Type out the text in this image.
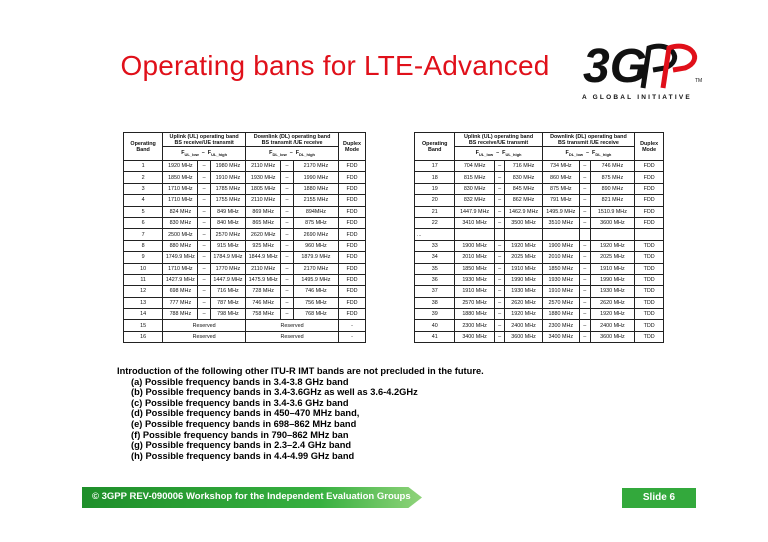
Operating bans for LTE-Advanced 3G	TM
A GLOBAL INITIATIVE
Operating
Band	Uplink (UL) operating band
BS receive/UE transmit			Downlink (DL) operating band
BS transmit /UE receive			Duplex
Mode
	$F_{UL\_low} - F_{UL\_high}$			$F_{DL\_low} - F_{DL\_high}$
1	1920 MHz	–	1980 MHz	2110 MHz	–	2170 MHz	FDD
2	1850 MHz	–	1910 MHz	1930 MHz	–	1990 MHz	FDD
3	1710 MHz	–	1785 MHz	1805 MHz	–	1880 MHz	FDD
4	1710 MHz	–	1755 MHz	2110 MHz	–	2155 MHz	FDD
5	824 MHz	–	849 MHz	869 MHz	–	894MHz	FDD
6	830 MHz	–	840 MHz	865 MHz	–	875 MHz	FDD
7	2500 MHz	–	2570 MHz	2620 MHz	–	2690 MHz	FDD
8	880 MHz	–	915 MHz	925 MHz	–	960 MHz	FDD
9	1749.9 MHz	–	1784.9 MHz	1844.9 MHz	–	1879.9 MHz	FDD
10	1710 MHz	–	1770 MHz	2110 MHz	–	2170 MHz	FDD
11	1427.9 MHz	–	1447.9 MHz	1475.9 MHz	–	1495.9 MHz	FDD
12	698 MHz	–	716 MHz	728 MHz	–	746 MHz	FDD
13	777 MHz	–	787 MHz	746 MHz	–	756 MHz	FDD
14	788 MHz	–	798 MHz	758 MHz	–	768 MHz	FDD
15	Reserved			Reserved			-
16	Reserved			Reserved			-
Operating
Band	Uplink (UL) operating band
BS receive/UE transmit			Downlink (DL) operating band
BS transmit /UE receive			Duplex
Mode
	$F_{UL\_low} - F_{UL\_high}$			$F_{DL\_low} - F_{DL\_high}$
17	704 MHz	–	716 MHz	734 MHz	–	746 MHz	FDD
18	815 MHz	–	830 MHz	860 MHz	–	875 MHz	FDD
19	830 MHz	–	845 MHz	875 MHz	–	890 MHz	FDD
20	832 MHz	–	862 MHz	791 MHz	–	821 MHz	FDD
21	1447.9 MHz	–	1462.9 MHz	1495.9 MHz	–	1510.9 MHz	FDD
22	3410 MHz	–	3500 MHz	3510 MHz	–	3600 MHz	FDD
...							
33	1900 MHz	–	1920 MHz	1900 MHz	–	1920 MHz	TDD
34	2010 MHz	–	2025 MHz	2010 MHz	–	2025 MHz	TDD
35	1850 MHz	–	1910 MHz	1850 MHz	–	1910 MHz	TDD
36	1930 MHz	–	1990 MHz	1930 MHz	–	1990 MHz	TDD
37	1910 MHz	–	1930 MHz	1910 MHz	–	1930 MHz	TDD
38	2570 MHz	–	2620 MHz	2570 MHz	–	2620 MHz	TDD
39	1880 MHz	–	1920 MHz	1880 MHz	–	1920 MHz	TDD
40	2300 MHz	–	2400 MHz	2300 MHz	–	2400 MHz	TDD
41	3400 MHz	–	3600 MHz	3400 MHz	–	3600 MHz	TDD
Introduction of the following other ITU-R IMT bands are not precluded in the future.
(a) Possible frequency bands in 3.4-3.8 GHz band
(b) Possible frequency bands in 3.4-3.6GHz as well as 3.6-4.2GHz
(c) Possible frequency bands in 3.4-3.6 GHz band
(d) Possible frequency bands in 450–470 MHz band,
(e) Possible frequency bands in 698–862 MHz band
(f) Possible frequency bands in 790–862 MHz ban
(g) Possible frequency bands in 2.3–2.4 GHz band
(h) Possible frequency bands in 4.4-4.99 GHz band
© 3GPP REV-090006 Workshop for the Independent Evaluation Groups	Slide 6
